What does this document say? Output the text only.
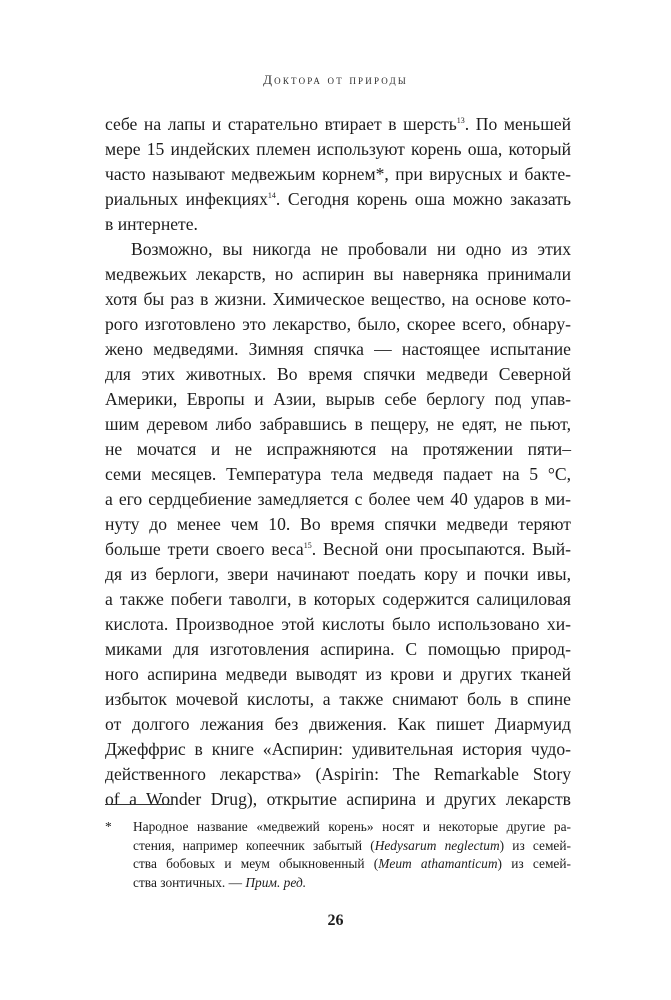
Доктора от природы
себе на лапы и старательно втирает в шерсть$^{13}$. По меньшей
мере 15 индейских племен используют корень оша, который
часто называют медвежьим корнем*, при вирусных и бакте-
риальных инфекциях$^{14}$. Сегодня корень оша можно заказать
в интернете.
Возможно, вы никогда не пробовали ни одно из этих
медвежьих лекарств, но аспирин вы наверняка принимали
хотя бы раз в жизни. Химическое вещество, на основе кото-
рого изготовлено это лекарство, было, скорее всего, обнару-
жено медведями. Зимняя спячка — настоящее испытание
для этих животных. Во время спячки медведи Северной
Америки, Европы и Азии, вырыв себе берлогу под упав-
шим деревом либо забравшись в пещеру, не едят, не пьют,
не мочатся и не испражняются на протяжении пяти–
семи месяцев. Температура тела медведя падает на 5 °C,
а его сердцебиение замедляется с более чем 40 ударов в ми-
нуту до менее чем 10. Во время спячки медведи теряют
больше трети своего веса$^{15}$. Весной они просыпаются. Вый-
дя из берлоги, звери начинают поедать кору и почки ивы,
а также побеги таволги, в которых содержится салициловая
кислота. Производное этой кислоты было использовано хи-
миками для изготовления аспирина. С помощью природ-
ного аспирина медведи выводят из крови и других тканей
избыток мочевой кислоты, а также снимают боль в спине
от долгого лежания без движения. Как пишет Диармуид
Джеффрис в книге «Аспирин: удивительная история чудо-
действенного лекарства» (Aspirin: The Remarkable Story
of a Wonder Drug), открытие аспирина и других лекарств
* Народное название «медвежий корень» носят и некоторые другие ра-
стения, например копеечник забытый (Hedysarum neglectum) из семей-
ства бобовых и меум обыкновенный (Meum athamanticum) из семей-
ства зонтичных. — Прим. ред.
26
